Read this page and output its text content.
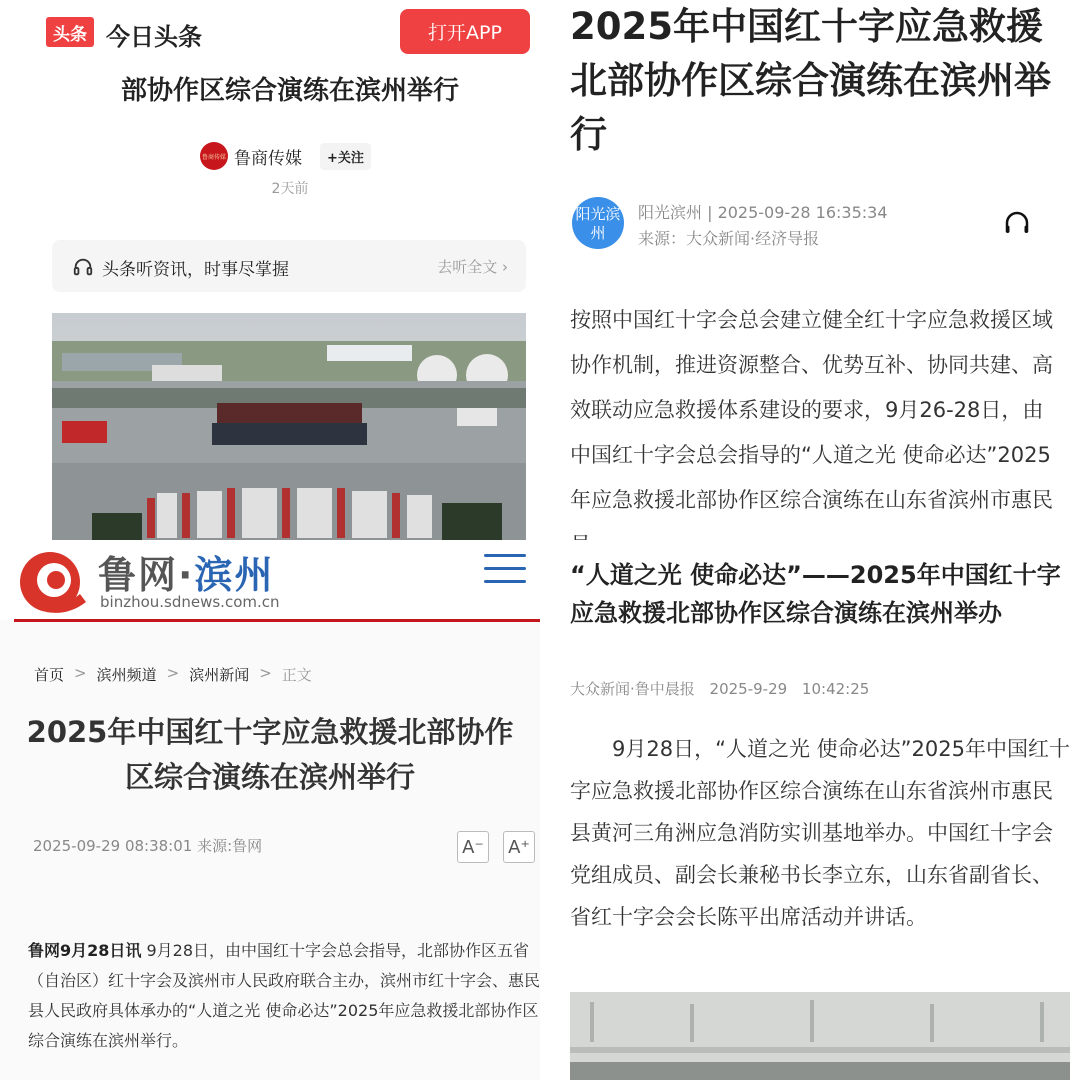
头条 今日头条	打开APP
部协作区综合演练在滨州举行
鲁商传媒 鲁商传媒	+关注
2天前
头条听资讯，时事尽掌握	去听全文 ›
2025年中国红十字应急救援北部协作区综合演练在滨州举行
阳光滨州
阳光滨州 | 2025-09-28 16:35:34
来源：大众新闻·经济导报
按照中国红十字会总会建立健全红十字应急救援区域协作机制，推进资源整合、优势互补、协同共建、高效联动应急救援体系建设的要求，9月26-28日，由中国红十字会总会指导的“人道之光 使命必达”2025年应急救援北部协作区综合演练在山东省滨州市惠民
鲁网·滨州
binzhou.sdnews.com.cn
首页 > 滨州频道 > 滨州新闻 > 正文
2025年中国红十字应急救援北部协作区综合演练在滨州举行
2025-09-29 08:38:01 来源:鲁网	A⁻ A⁺
鲁网9月28日讯 9月28日，由中国红十字会总会指导，北部协作区五省（自治区）红十字会及滨州市人民政府联合主办，滨州市红十字会、惠民县人民政府具体承办的“人道之光 使命必达”2025年应急救援北部协作区综合演练在滨州举行。
“人道之光 使命必达”——2025年中国红十字应急救援北部协作区综合演练在滨州举办
大众新闻·鲁中晨报 2025-9-29 10:42:25
9月28日，“人道之光 使命必达”2025年中国红十字应急救援北部协作区综合演练在山东省滨州市惠民县黄河三角洲应急消防实训基地举办。中国红十字会党组成员、副会长兼秘书长李立东，山东省副省长、省红十字会会长陈平出席活动并讲话。
